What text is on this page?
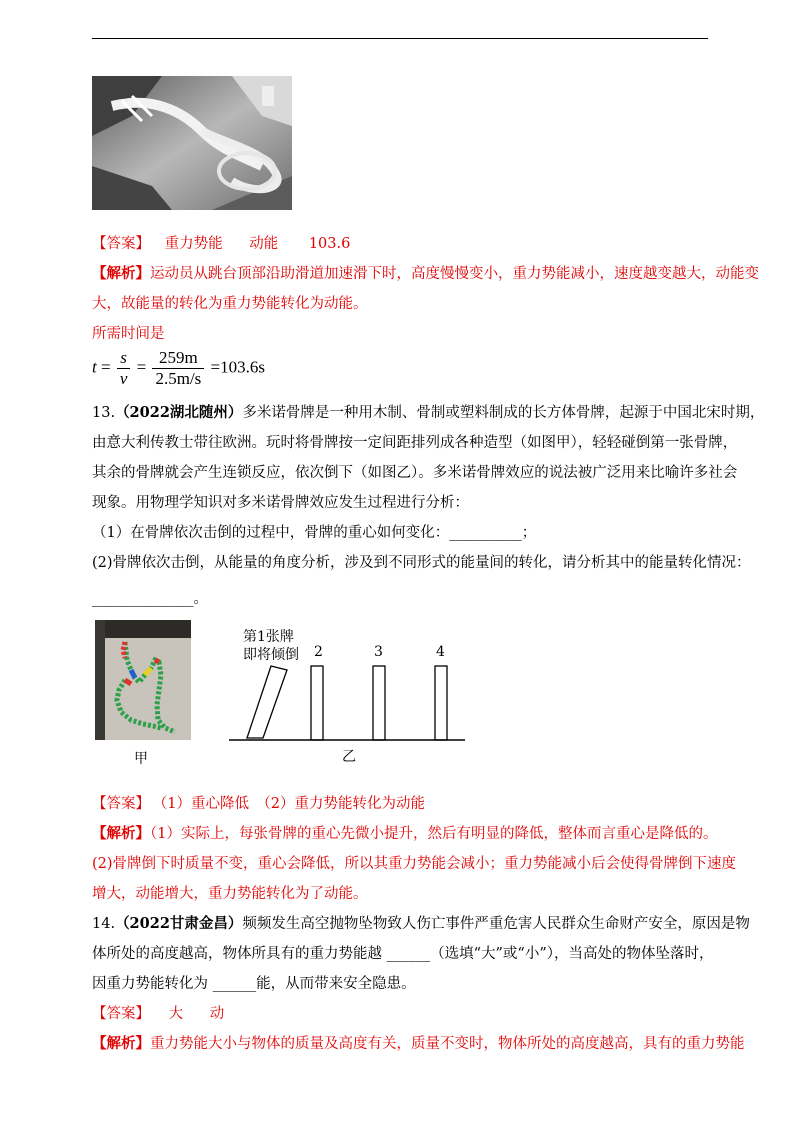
【答案】 重力势能 动能 103.6
【解析】运动员从跳台顶部沿助滑道加速滑下时，高度慢慢变小，重力势能减小，速度越变越大，动能变
大，故能量的转化为重力势能转化为动能。
所需时间是
$t = \frac{s}{v} = \frac{259m}{2.5m/s} =103.6s$
13.（2022湖北随州）多米诺骨牌是一种用木制、骨制或塑料制成的长方体骨牌，起源于中国北宋时期，
由意大利传教士带往欧洲。玩时将骨牌按一定间距排列成各种造型（如图甲），轻轻碰倒第一张骨牌，
其余的骨牌就会产生连锁反应，依次倒下（如图乙）。多米诺骨牌效应的说法被广泛用来比喻许多社会
现象。用物理学知识对多米诺骨牌效应发生过程进行分析：
（1）在骨牌依次击倒的过程中，骨牌的重心如何变化：__________；
(2)骨牌依次击倒，从能量的角度分析，涉及到不同形式的能量间的转化，请分析其中的能量转化情况：
______________。
甲
第1张牌
即将倾倒 2	3	4
乙
【答案】 （1）重心降低　（2）重力势能转化为动能
【解析】（1）实际上，每张骨牌的重心先微小提升，然后有明显的降低，整体而言重心是降低的。
(2)骨牌倒下时质量不变，重心会降低，所以其重力势能会减小；重力势能减小后会使得骨牌倒下速度
增大，动能增大，重力势能转化为了动能。
14.（2022甘肃金昌）频频发生高空抛物坠物致人伤亡事件严重危害人民群众生命财产安全，原因是物
体所处的高度越高，物体所具有的重力势能越 ______（选填“大”或“小”），当高处的物体坠落时，
因重力势能转化为 ______能，从而带来安全隐患。
【答案】 大 动
【解析】重力势能大小与物体的质量及高度有关，质量不变时，物体所处的高度越高，具有的重力势能
